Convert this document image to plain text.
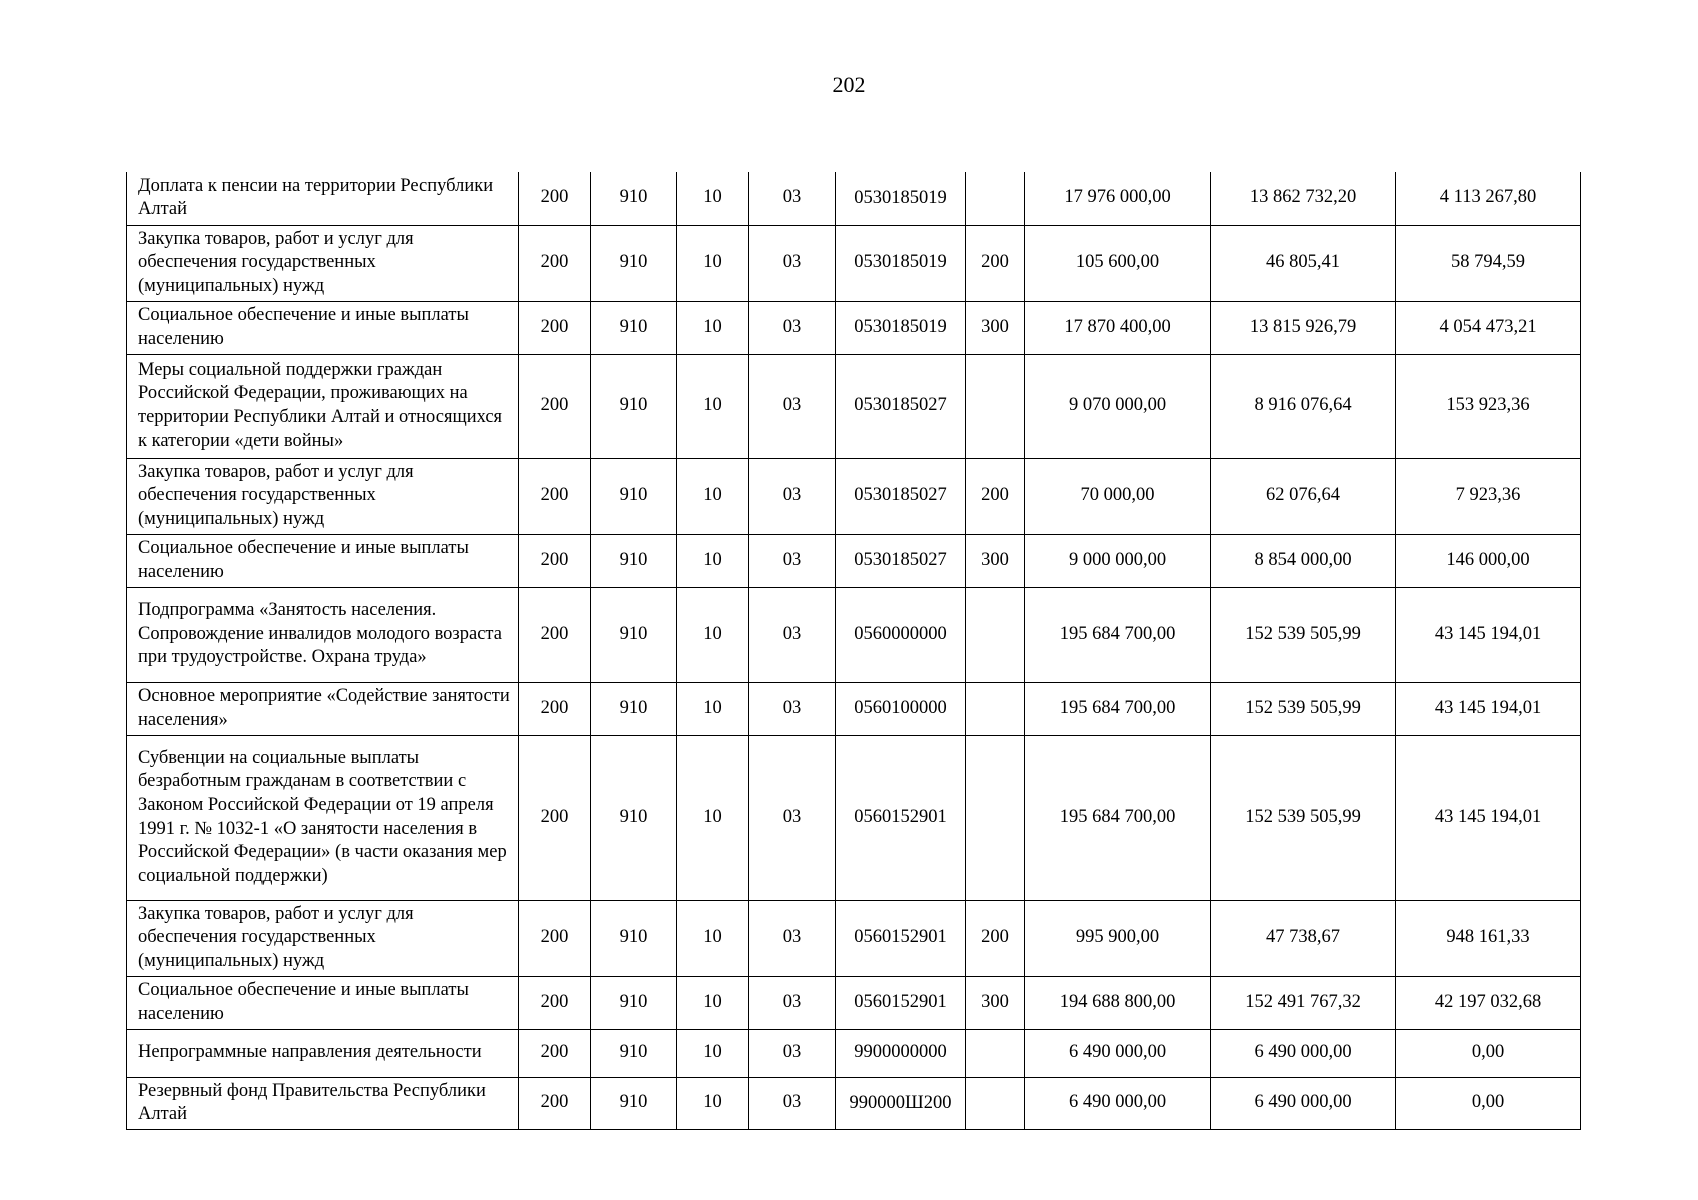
202
Доплата к пенсии на территории Республики Алтай	200	910	10	03	0530185019		17 976 000,00	13 862 732,20	4 113 267,80
Закупка товаров, работ и услуг для обеспечения государственных (муниципальных) нужд	200	910	10	03	0530185019	200	105 600,00	46 805,41	58 794,59
Социальное обеспечение и иные выплаты населению	200	910	10	03	0530185019	300	17 870 400,00	13 815 926,79	4 054 473,21
Меры социальной поддержки граждан Российской Федерации, проживающих на территории Республики Алтай и относящихся к категории «дети войны»	200	910	10	03	0530185027		9 070 000,00	8 916 076,64	153 923,36
Закупка товаров, работ и услуг для обеспечения государственных (муниципальных) нужд	200	910	10	03	0530185027	200	70 000,00	62 076,64	7 923,36
Социальное обеспечение и иные выплаты населению	200	910	10	03	0530185027	300	9 000 000,00	8 854 000,00	146 000,00
Подпрограмма «Занятость населения. Сопровождение инвалидов молодого возраста при трудоустройстве. Охрана труда»	200	910	10	03	0560000000		195 684 700,00	152 539 505,99	43 145 194,01
Основное мероприятие «Содействие занятости населения»	200	910	10	03	0560100000		195 684 700,00	152 539 505,99	43 145 194,01
Субвенции на социальные выплаты безработным гражданам в соответствии с Законом Российской Федерации от 19 апреля 1991 г. № 1032-1 «О занятости населения в Российской Федерации» (в части оказания мер социальной поддержки)	200	910	10	03	0560152901		195 684 700,00	152 539 505,99	43 145 194,01
Закупка товаров, работ и услуг для обеспечения государственных (муниципальных) нужд	200	910	10	03	0560152901	200	995 900,00	47 738,67	948 161,33
Социальное обеспечение и иные выплаты населению	200	910	10	03	0560152901	300	194 688 800,00	152 491 767,32	42 197 032,68
Непрограммные направления деятельности	200	910	10	03	9900000000		6 490 000,00	6 490 000,00	0,00
Резервный фонд Правительства Республики Алтай	200	910	10	03	990000Ш200		6 490 000,00	6 490 000,00	0,00
